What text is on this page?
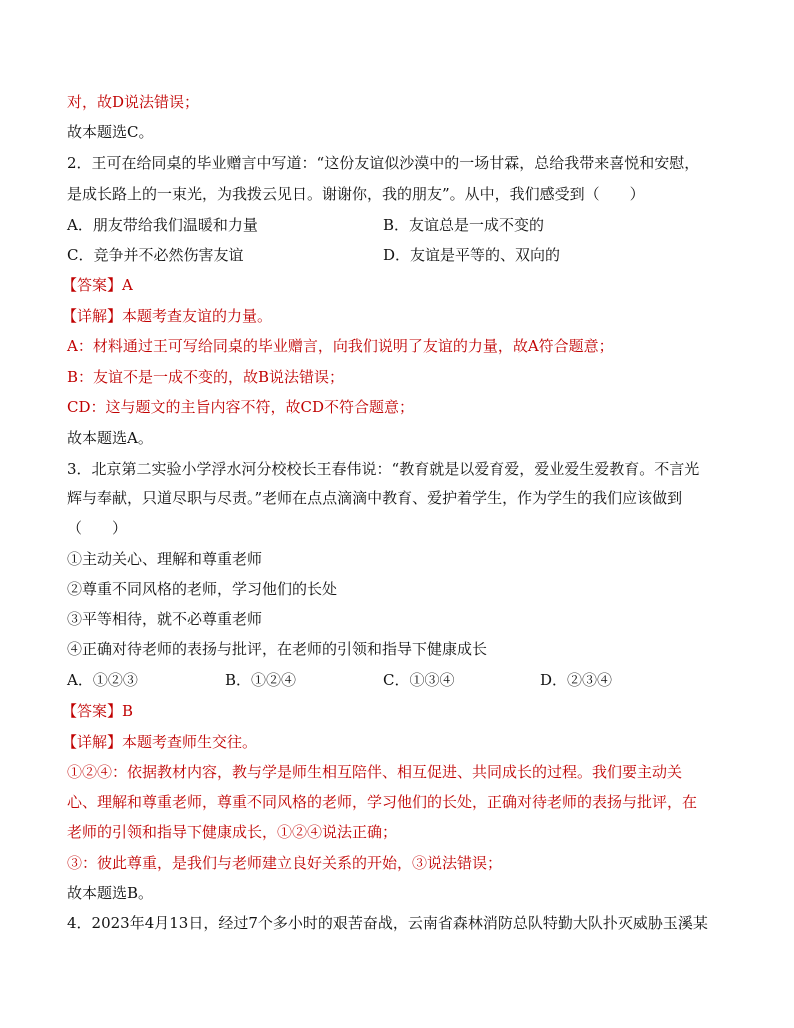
对，故D说法错误；
故本题选C。
2．王可在给同桌的毕业赠言中写道：“这份友谊似沙漠中的一场甘霖，总给我带来喜悦和安慰，
是成长路上的一束光，为我拨云见日。谢谢你，我的朋友”。从中，我们感受到（　　）
A．朋友带给我们温暖和力量	B．友谊总是一成不变的
C．竞争并不必然伤害友谊	D．友谊是平等的、双向的
【答案】A
【详解】本题考查友谊的力量。
A：材料通过王可写给同桌的毕业赠言，向我们说明了友谊的力量，故A符合题意；
B：友谊不是一成不变的，故B说法错误；
CD：这与题文的主旨内容不符，故CD不符合题意；
故本题选A。
3．北京第二实验小学浮水河分校校长王春伟说：“教育就是以爱育爱，爱业爱生爱教育。不言光
辉与奉献，只道尽职与尽责。”老师在点点滴滴中教育、爱护着学生，作为学生的我们应该做到
（　　）
①主动关心、理解和尊重老师
②尊重不同风格的老师，学习他们的长处
③平等相待，就不必尊重老师
④正确对待老师的表扬与批评，在老师的引领和指导下健康成长
A．①②③	B．①②④	C．①③④	D．②③④
【答案】B
【详解】本题考查师生交往。
①②④：依据教材内容，教与学是师生相互陪伴、相互促进、共同成长的过程。我们要主动关
心、理解和尊重老师，尊重不同风格的老师，学习他们的长处，正确对待老师的表扬与批评，在
老师的引领和指导下健康成长，①②④说法正确；
③：彼此尊重，是我们与老师建立良好关系的开始，③说法错误；
故本题选B。
4．2023年4月13日，经过7个多小时的艰苦奋战，云南省森林消防总队特勤大队扑灭威胁玉溪某
